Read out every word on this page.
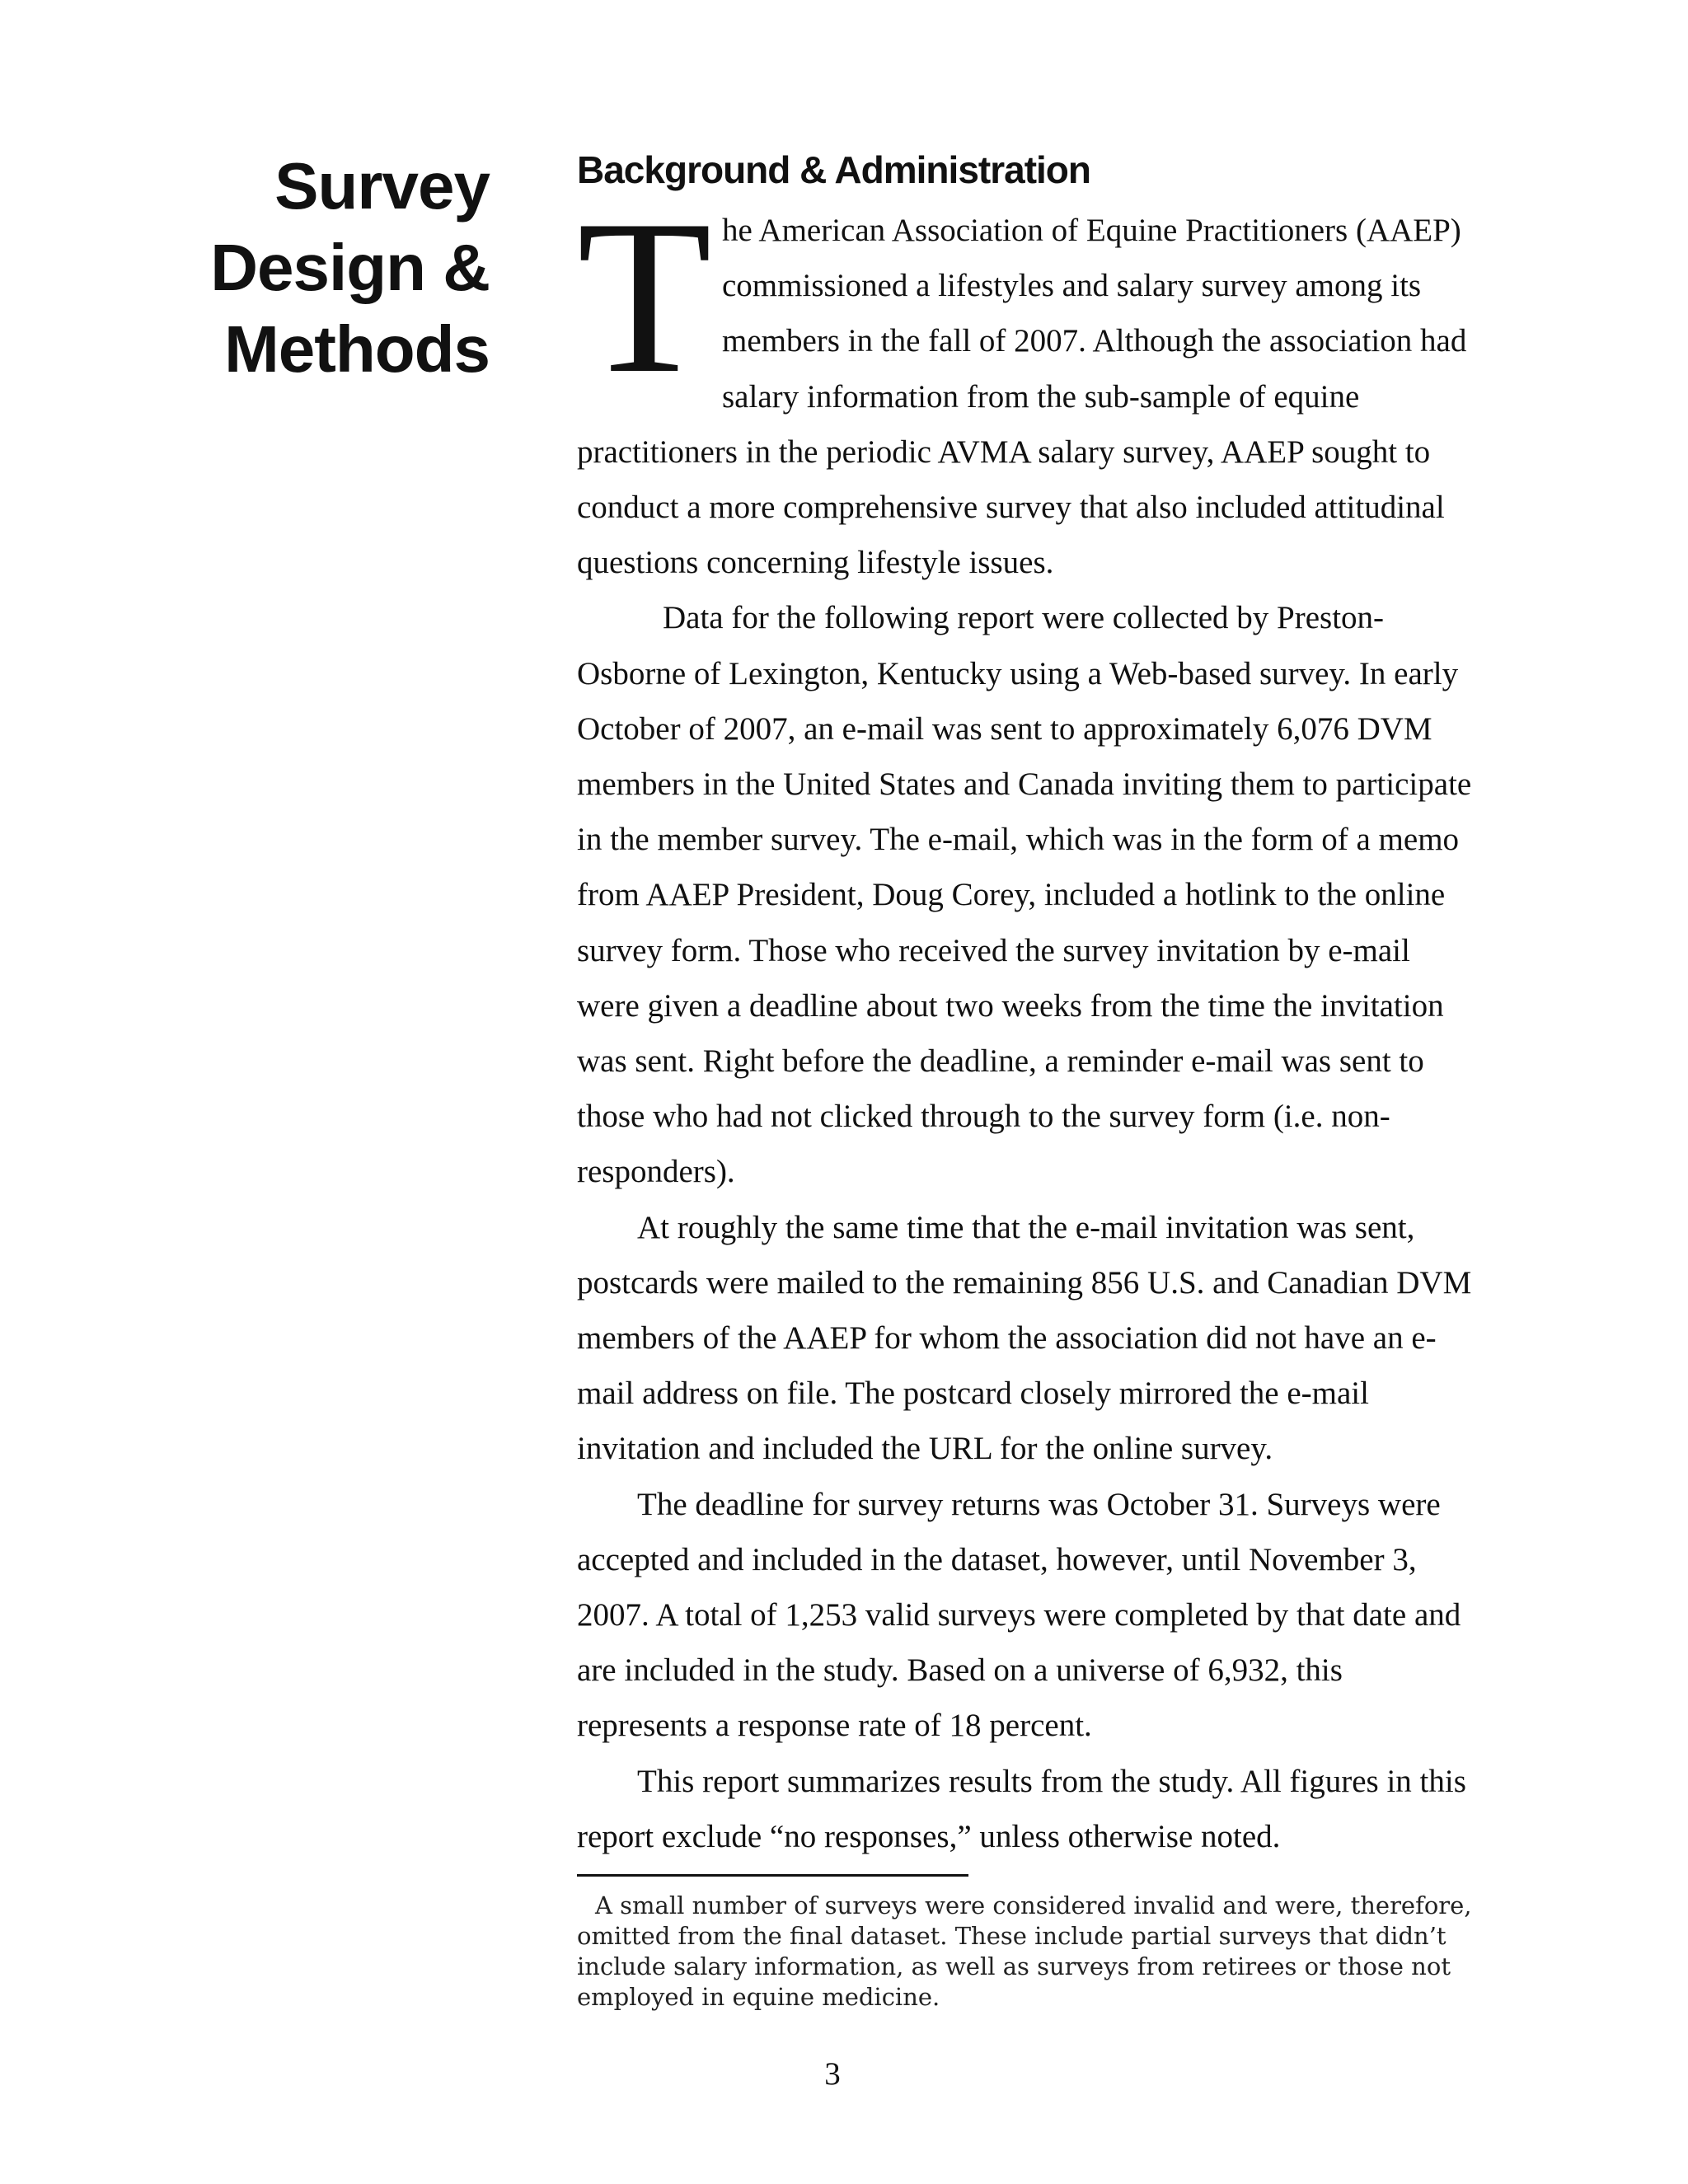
Survey
Design &
Methods
Background & Administration

The American Association of Equine Practitioners (AAEP) commissioned a lifestyles and salary survey among its members in the fall of 2007. Although the association had salary information from the sub-sample of equine practitioners in the periodic AVMA salary survey, AAEP sought to conduct a more comprehensive survey that also included attitudinal questions concerning lifestyle issues.

Data for the following report were collected by Preston-Osborne of Lexington, Kentucky using a Web-based survey. In early October of 2007, an e-mail was sent to approximately 6,076 DVM members in the United States and Canada inviting them to participate in the member survey. The e-mail, which was in the form of a memo from AAEP President, Doug Corey, included a hotlink to the online survey form. Those who received the survey invitation by e-mail were given a deadline about two weeks from the time the invitation was sent. Right before the deadline, a reminder e-mail was sent to those who had not clicked through to the survey form (i.e. non-responders).

At roughly the same time that the e-mail invitation was sent, postcards were mailed to the remaining 856 U.S. and Canadian DVM members of the AAEP for whom the association did not have an e-mail address on file. The postcard closely mirrored the e-mail invitation and included the URL for the online survey.

The deadline for survey returns was October 31. Surveys were accepted and included in the dataset, however, until November 3, 2007. A total of 1,253 valid surveys were completed by that date and are included in the study. Based on a universe of 6,932, this represents a response rate of 18 percent.

This report summarizes results from the study. All figures in this report exclude “no responses,” unless otherwise noted.

A small number of surveys were considered invalid and were, therefore, omitted from the final dataset. These include partial surveys that didn’t include salary information, as well as surveys from retirees or those not employed in equine medicine.

3
